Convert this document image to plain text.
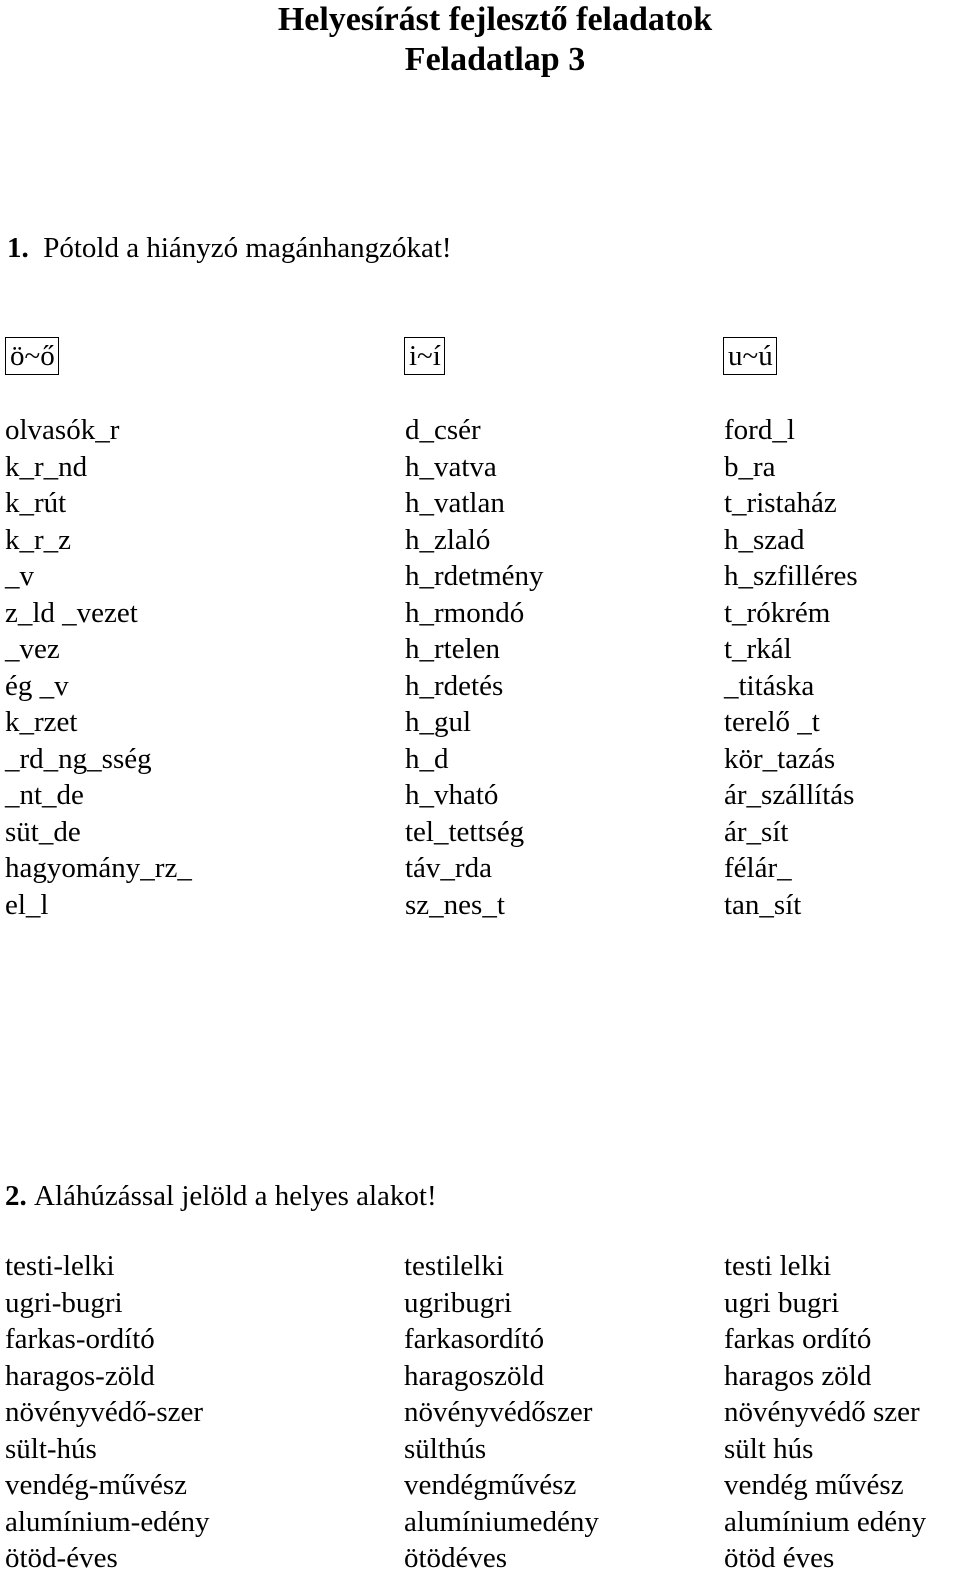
Helyesírást fejlesztő feladatok
Feladatlap 3

1. Pótold a hiányzó magánhangzókat!

ö~ő	i~í	u~ú
olvasók_r
k_r_nd
k_rút
k_r_z
_v
z_ld _vezet
_vez
ég _v
k_rzet
_rd_ng_sség
_nt_de
süt_de
hagyomány_rz_
el_l
d_csér
h_vatva
h_vatlan
h_zlaló
h_rdetmény
h_rmondó
h_rtelen
h_rdetés
h_gul
h_d
h_vható
tel_tettség
táv_rda
sz_nes_t
ford_l
b_ra
t_ristaház
h_szad
h_szfilléres
t_rókrém
t_rkál
_titáska
terelő _t
kör_tazás
ár_szállítás
ár_sít
félár_
tan_sít

2. Aláhúzással jelöld a helyes alakot!

testi-lelki
ugri-bugri
farkas-ordító
haragos-zöld
növényvédő-szer
sült-hús
vendég-művész
alumínium-edény
ötöd-éves
testilelki
ugribugri
farkasordító
haragoszöld
növényvédőszer
sülthús
vendégművész
alumíniumedény
ötödéves
testi lelki
ugri bugri
farkas ordító
haragos zöld
növényvédő szer
sült hús
vendég művész
alumínium edény
ötöd éves
